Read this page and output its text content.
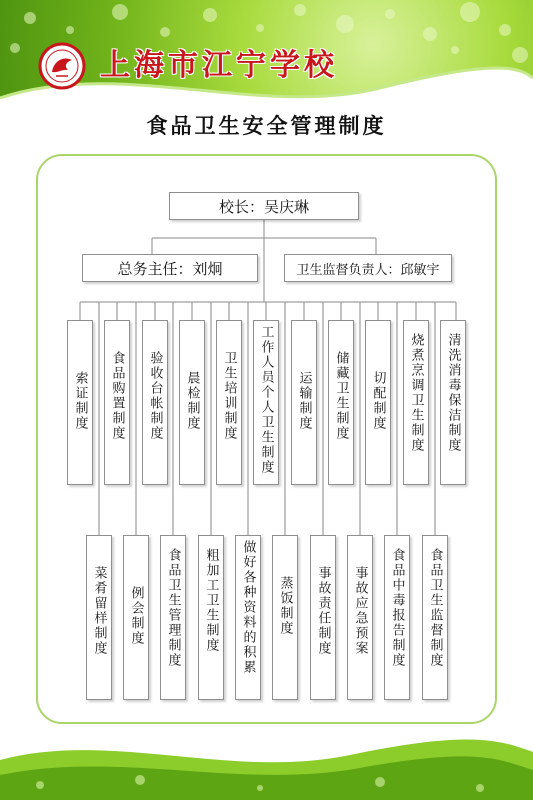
上海市江宁学校
食品卫生安全管理制度
校长 ： 吴庆琳
总务主任 ： 刘炯	卫生监督负责人 ： 邱敏宇
索证制度 食品购置制度 验收台帐制度 晨检制度 卫生培训制度 工作人员个人卫生制度 运输制度 储藏卫生制度 切配制度 烧煮烹调卫生制度 清洗消毒保洁制度
菜肴留样制度 例会制度 食品卫生管理制度 粗加工卫生制度 做好各种资料的积累 蒸饭制度 事故责任制度 事故应急预案 食品中毒报告制度 食品卫生监督制度
